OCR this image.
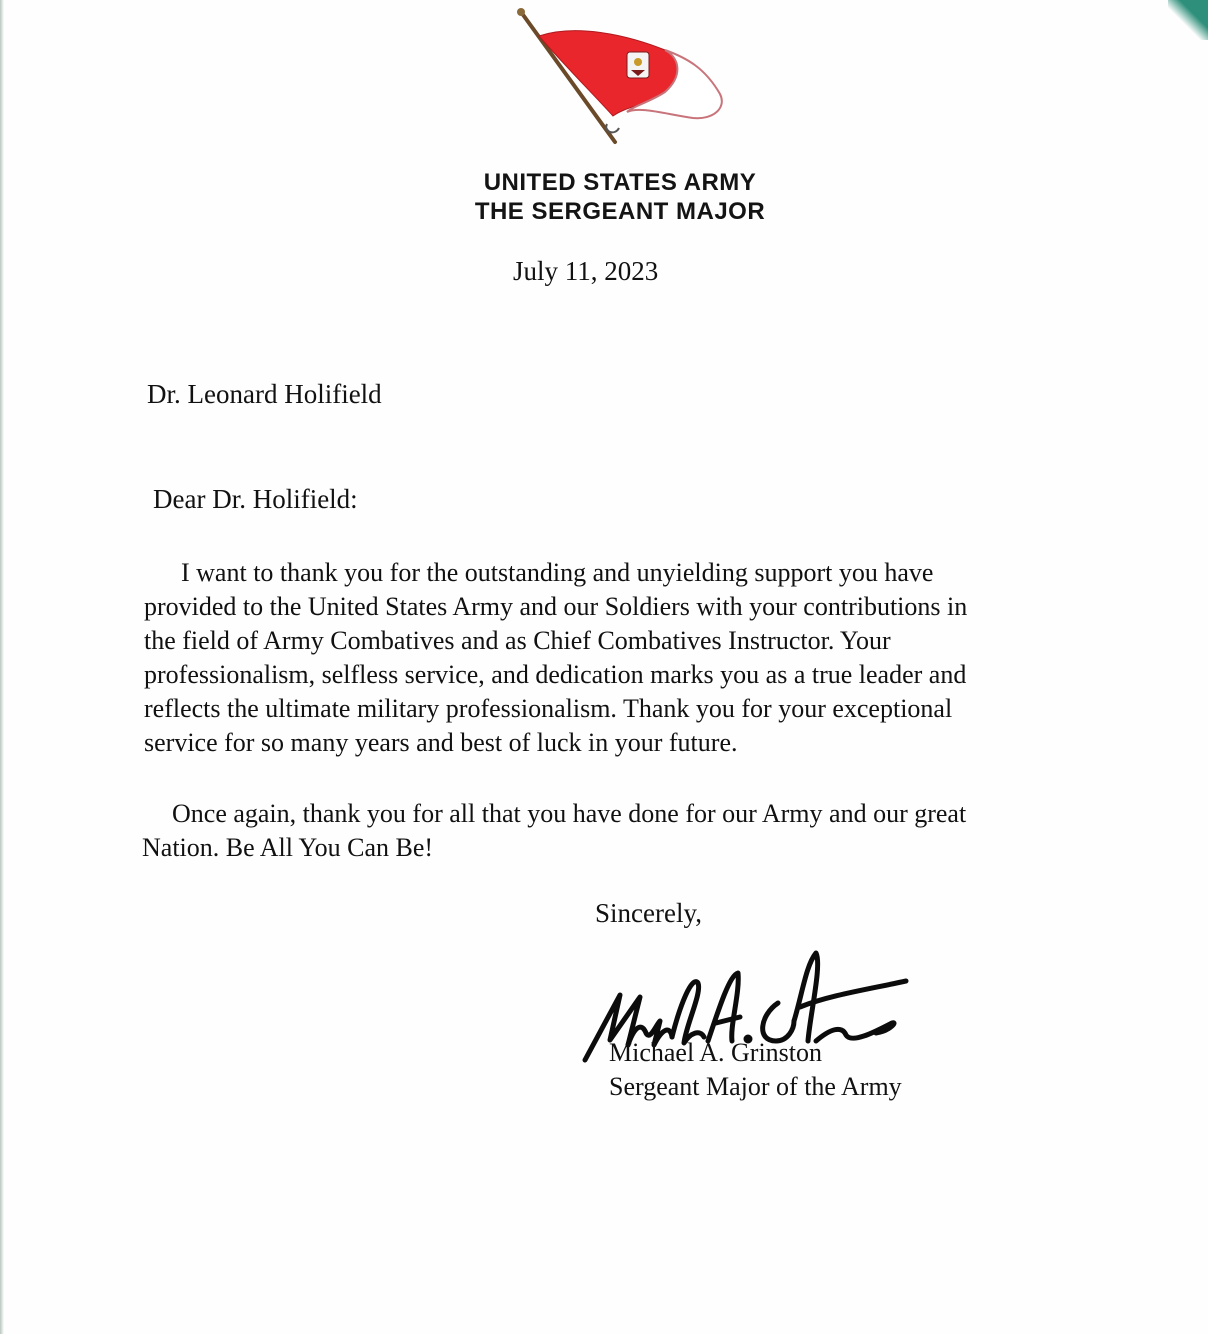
UNITED STATES ARMY
THE SERGEANT MAJOR
July 11, 2023
Dr. Leonard Holifield
Dear Dr. Holifield:
I want to thank you for the outstanding and unyielding support you have
provided to the United States Army and our Soldiers with your contributions in
the field of Army Combatives and as Chief Combatives Instructor. Your
professionalism, selfless service, and dedication marks you as a true leader and
reflects the ultimate military professionalism. Thank you for your exceptional
service for so many years and best of luck in your future.
Once again, thank you for all that you have done for our Army and our great
Nation. Be All You Can Be!
Sincerely,
Michael A. Grinston
Sergeant Major of the Army
